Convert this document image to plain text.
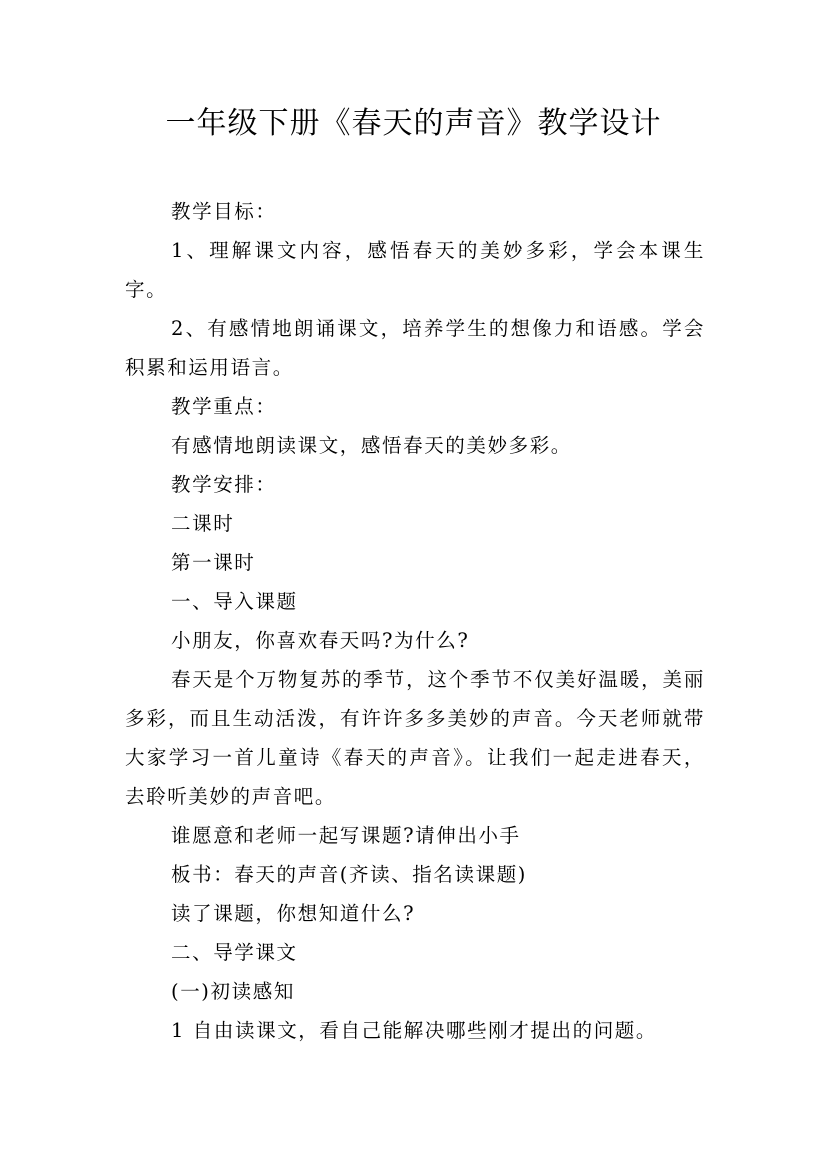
一年级下册《春天的声音》教学设计

教学目标：

1、理解课文内容，感悟春天的美妙多彩，学会本课生字。

2、有感情地朗诵课文，培养学生的想像力和语感。学会积累和运用语言。

教学重点：

有感情地朗读课文，感悟春天的美妙多彩。

教学安排：

二课时

第一课时

一、导入课题

小朋友，你喜欢春天吗?为什么?

春天是个万物复苏的季节，这个季节不仅美好温暖，美丽多彩，而且生动活泼，有许许多多美妙的声音。今天老师就带大家学习一首儿童诗《春天的声音》。让我们一起走进春天，去聆听美妙的声音吧。

谁愿意和老师一起写课题?请伸出小手

板书：春天的声音(齐读、指名读课题)

读了课题，你想知道什么?

二、导学课文

(一)初读感知

1 自由读课文，看自己能解决哪些刚才提出的问题。
